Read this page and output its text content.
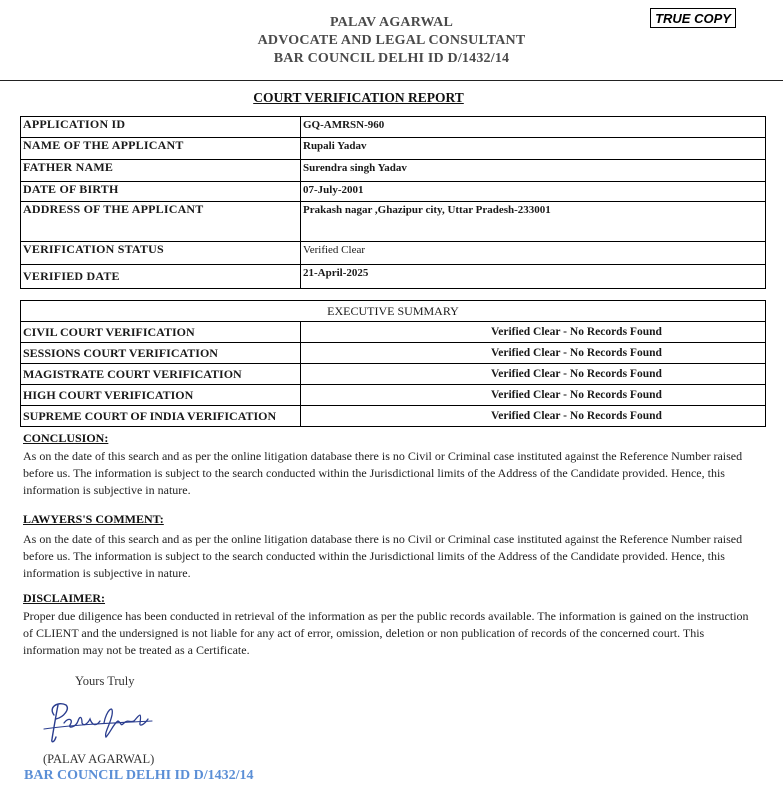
PALAV AGARWAL
ADVOCATE AND LEGAL CONSULTANT
BAR COUNCIL DELHI ID D/1432/14
TRUE COPY
COURT VERIFICATION REPORT
APPLICATION ID	GQ-AMRSN-960
NAME OF THE APPLICANT	Rupali Yadav
FATHER NAME	Surendra singh Yadav
DATE OF BIRTH	07-July-2001
ADDRESS OF THE APPLICANT	Prakash nagar ,Ghazipur city, Uttar Pradesh-233001
VERIFICATION STATUS	Verified Clear
VERIFIED DATE	21-April-2025
EXECUTIVE SUMMARY	
CIVIL COURT VERIFICATION	Verified Clear - No Records Found
SESSIONS COURT VERIFICATION	Verified Clear - No Records Found
MAGISTRATE COURT VERIFICATION	Verified Clear - No Records Found
HIGH COURT VERIFICATION	Verified Clear - No Records Found
SUPREME COURT OF INDIA VERIFICATION	Verified Clear - No Records Found
CONCLUSION:
As on the date of this search and as per the online litigation database there is no Civil or Criminal case instituted against the Reference Number raised before us. The information is subject to the search conducted within the Jurisdictional limits of the Address of the Candidate provided. Hence, this information is subjective in nature.
LAWYERS'S COMMENT:
As on the date of this search and as per the online litigation database there is no Civil or Criminal case instituted against the Reference Number raised before us. The information is subject to the search conducted within the Jurisdictional limits of the Address of the Candidate provided. Hence, this information is subjective in nature.
DISCLAIMER:
Proper due diligence has been conducted in retrieval of the information as per the public records available. The information is gained on the instruction of CLIENT and the undersigned is not liable for any act of error, omission, deletion or non publication of records of the concerned court. This information may not be treated as a Certificate.
Yours Truly
(PALAV AGARWAL)
BAR COUNCIL DELHI ID D/1432/14
